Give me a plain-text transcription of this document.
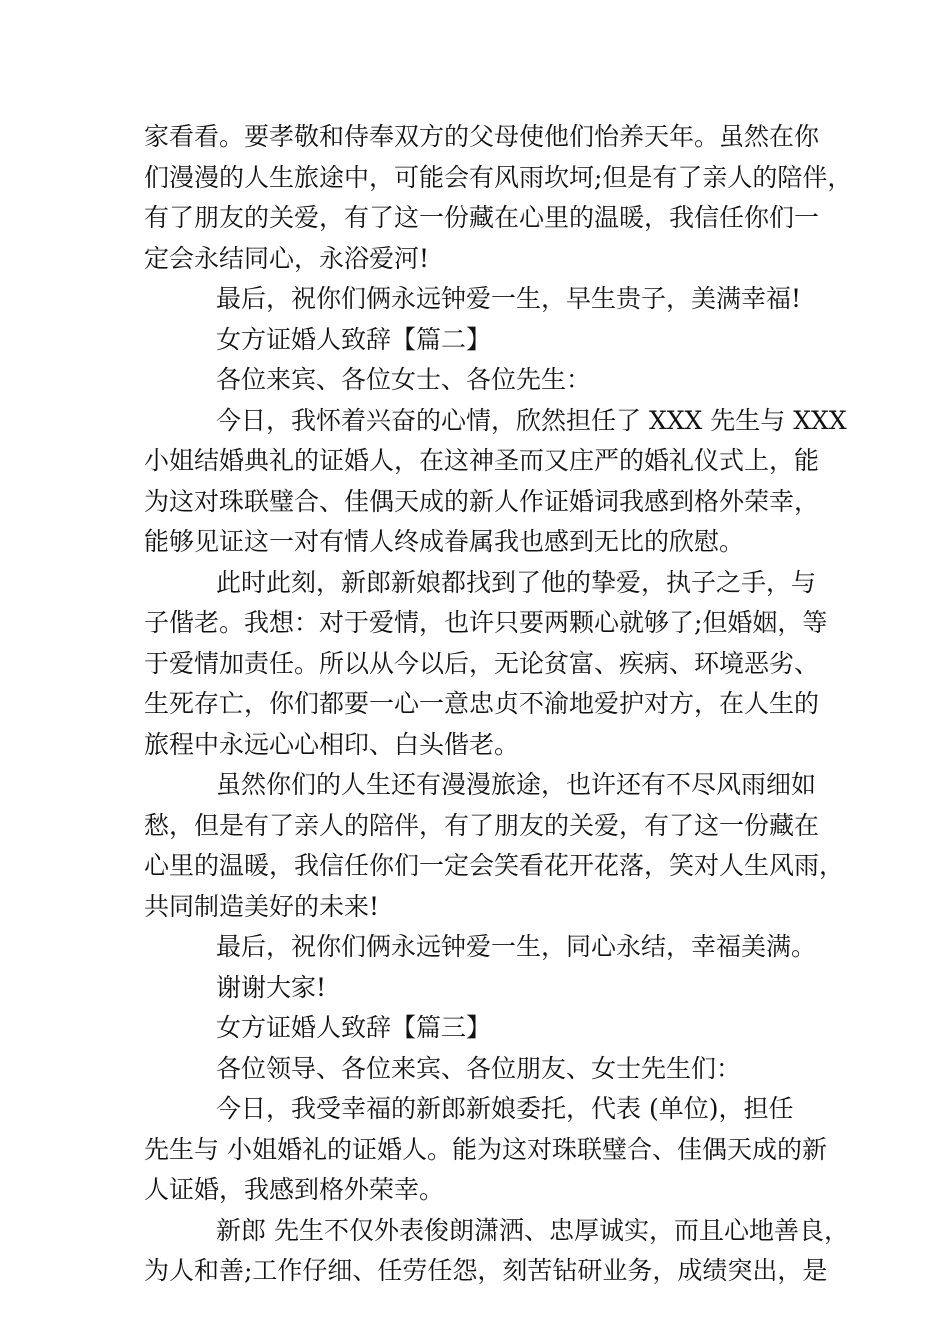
家看看。要孝敬和侍奉双方的父母使他们怡养天年。虽然在你
们漫漫的人生旅途中，可能会有风雨坎坷;但是有了亲人的陪伴，
有了朋友的关爱，有了这一份藏在心里的温暖，我信任你们一
定会永结同心，永浴爱河!
最后，祝你们俩永远钟爱一生，早生贵子，美满幸福!
女方证婚人致辞【篇二】
各位来宾、各位女士、各位先生：
今日，我怀着兴奋的心情，欣然担任了 XXX 先生与 XXX
小姐结婚典礼的证婚人，在这神圣而又庄严的婚礼仪式上，能
为这对珠联璧合、佳偶天成的新人作证婚词我感到格外荣幸，
能够见证这一对有情人终成眷属我也感到无比的欣慰。
此时此刻，新郎新娘都找到了他的挚爱，执子之手，与
子偕老。我想：对于爱情，也许只要两颗心就够了;但婚姻，等
于爱情加责任。所以从今以后，无论贫富、疾病、环境恶劣、
生死存亡，你们都要一心一意忠贞不渝地爱护对方，在人生的
旅程中永远心心相印、白头偕老。
虽然你们的人生还有漫漫旅途，也许还有不尽风雨细如
愁，但是有了亲人的陪伴，有了朋友的关爱，有了这一份藏在
心里的温暖，我信任你们一定会笑看花开花落，笑对人生风雨，
共同制造美好的未来!
最后，祝你们俩永远钟爱一生，同心永结，幸福美满。
谢谢大家!
女方证婚人致辞【篇三】
各位领导、各位来宾、各位朋友、女士先生们：
今日，我受幸福的新郎新娘委托，代表 (单位)，担任
先生与 小姐婚礼的证婚人。能为这对珠联璧合、佳偶天成的新
人证婚，我感到格外荣幸。
新郎 先生不仅外表俊朗潇洒、忠厚诚实，而且心地善良，
为人和善;工作仔细、任劳任怨，刻苦钻研业务，成绩突出，是
